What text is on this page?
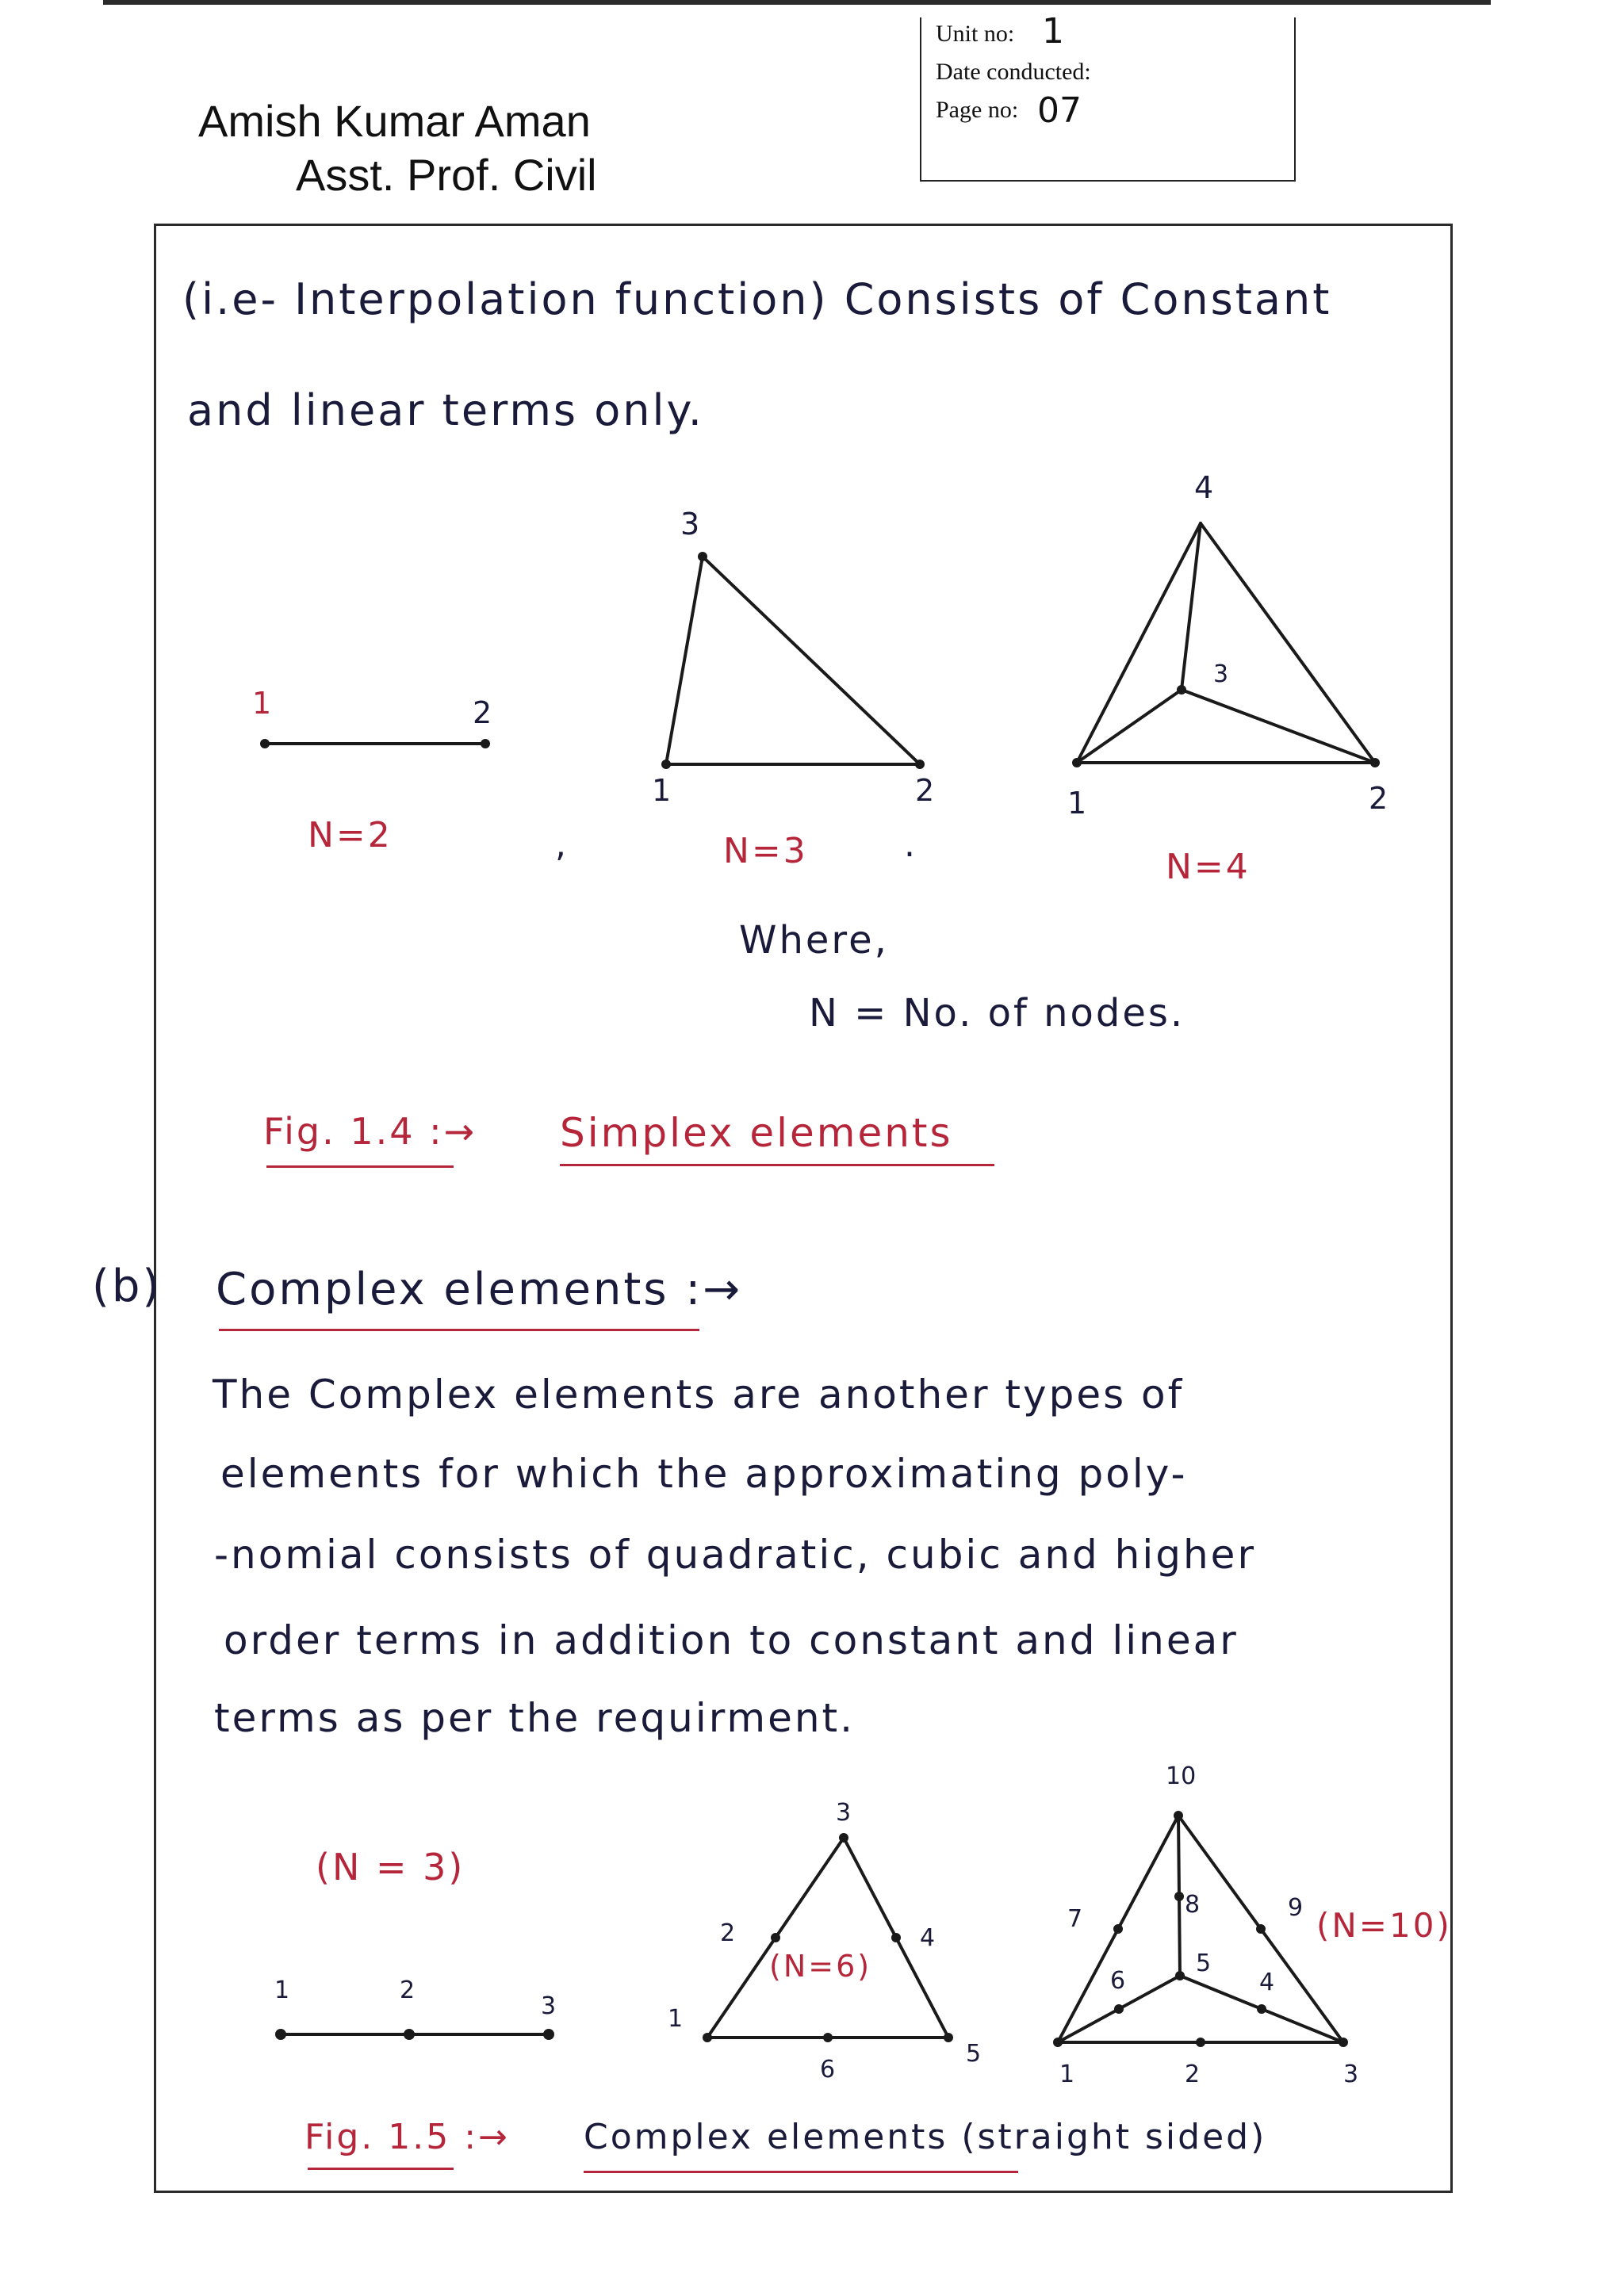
Amish Kumar Aman
Asst. Prof. Civil
Unit no: 1
Date conducted:
Page no: 07
(i.e- Interpolation function) Consists of Constant
and linear terms only.
N=2	,	N=3	.
N=4
Where,
N = No. of nodes.
Fig. 1.4 :→ Simplex elements
(b) Complex elements :→
The Complex elements are another types of
elements for which the approximating poly-
-nomial consists of quadratic, cubic and higher
order terms in addition to constant and linear
terms as per the requirment.
(N = 3)
(N=6)
(N=10)
Fig. 1.5 :→ Complex elements (straight sided)
1	2
1	2
3
1	2
3
4
1	2
3	1
2
3
4
5
6	1	2	3
4
5
6
7
8	9
10
